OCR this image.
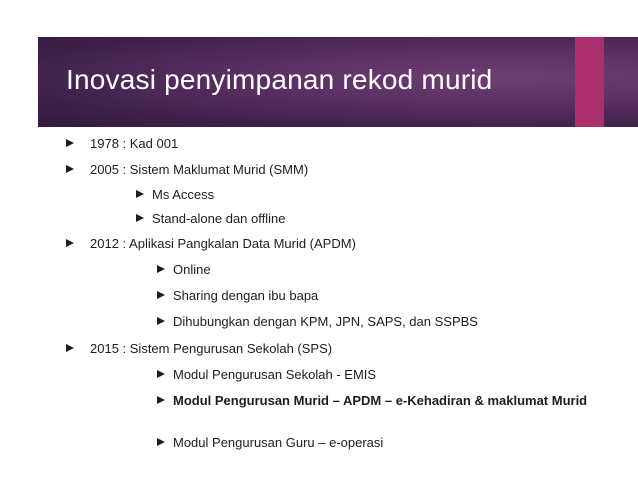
Inovasi penyimpanan rekod murid
1978 : Kad 001
2005 : Sistem Maklumat Murid (SMM)
Ms Access
Stand-alone dan offline
2012 : Aplikasi Pangkalan Data Murid (APDM)
Online
Sharing dengan ibu bapa
Dihubungkan dengan KPM, JPN, SAPS, dan SSPBS
2015 : Sistem Pengurusan Sekolah (SPS)
Modul Pengurusan Sekolah - EMIS
Modul Pengurusan Murid – APDM – e-Kehadiran & maklumat Murid
Modul Pengurusan Guru – e-operasi
